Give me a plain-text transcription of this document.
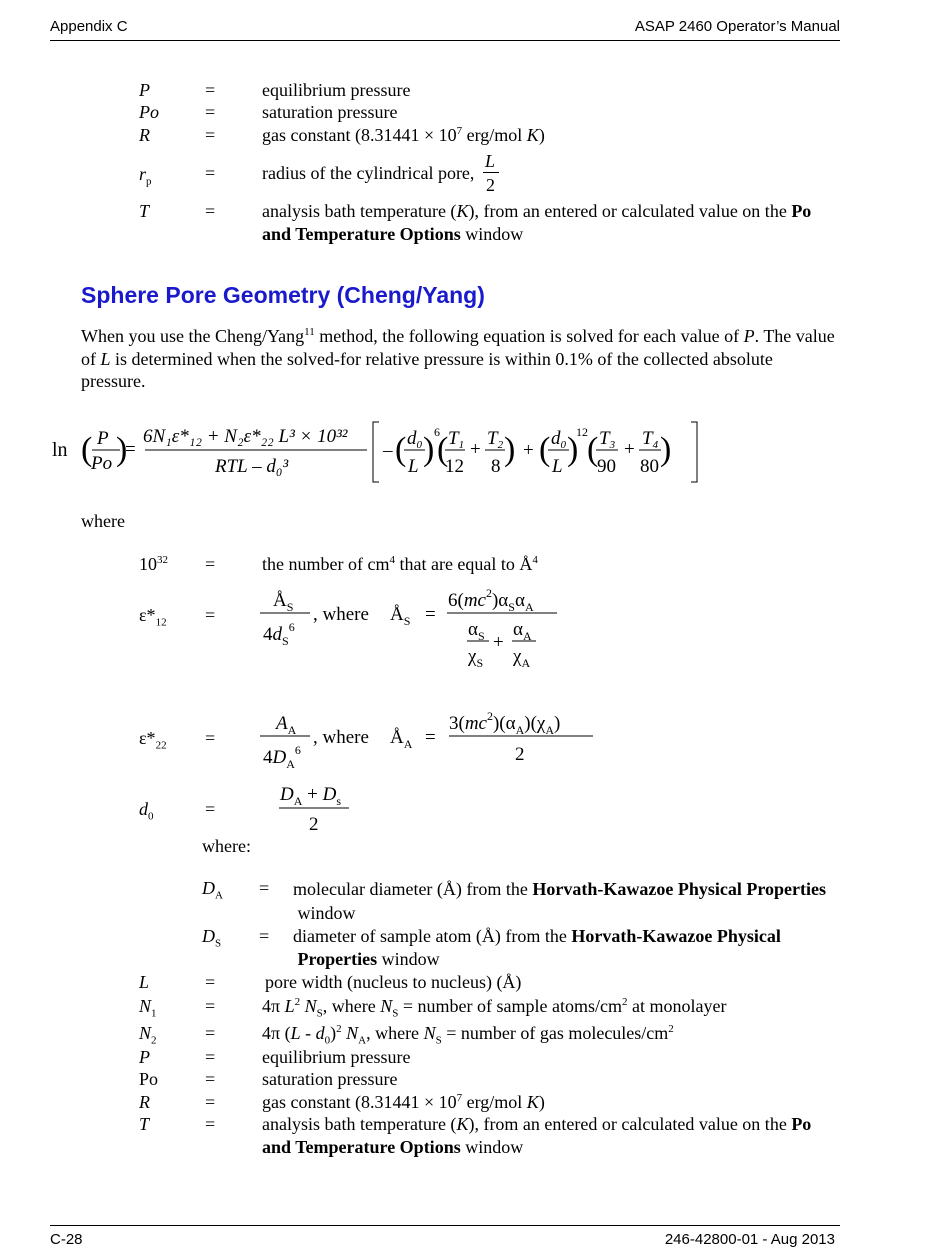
Appendix C	ASAP 2460 Operator’s Manual
P	=	equilibrium pressure
Po	=	saturation pressure
R	=	gas constant ($8.31441 \times 10^7$ erg/mol K)
$r_p$	=	radius of the cylindrical pore,
L
2
T	=	analysis bath temperature (K), from an entered or calculated value on the Po
and Temperature Options window
Sphere Pore Geometry (Cheng/Yang)
When you use the Cheng/Yang$^{11}$ method, the following equation is solved for each value of P. The value of L is determined when the solved-for relative pressure is within 0.1% of the collected absolute pressure.
ln ( P
Po )
=
6N₁ε*₁₂ + N₂ε*₂₂ L³ × 10³²
RTL – d₀³
– ( $d_0$
L ) 6
( $T_1$
12
+
$T_2$
8 ) + ( $d_0$
L )
12 ( $T_3$
90
+
$T_4$
80 )
where
$10^{32}$ =	the number of $cm^4$ that are equal to $Å^4$
$\varepsilon*_{12}$ =
$Å_S$
$4d_S^6$
, where $Å_S$ =
$6(mc^2)\alpha_S\alpha_A$
$\alpha_S$
$\chi_S$
+
$\alpha_A$
$\chi_A$
$\varepsilon*_{22}$ =
$A_A$
$4D_A^6$
, where $Å_A$ =
$3(mc^2)(\alpha_A)(\chi_A)$
2
$d_0$	=
$D_A + D_s$
2
where:
$D_A$ = molecular diameter (Å) from the Horvath-Kawazoe Physical Properties
window
$D_S$ = diameter of sample atom (Å) from the Horvath-Kawazoe Physical
Properties window
L	=	pore width (nucleus to nucleus) (Å)
$N_1$	=	4π $L^2$ $N_S$, where $N_S$ = number of sample atoms/$cm^2$ at monolayer
$N_2$	=	4π $(L - d_0)^2$ $N_A$, where $N_S$ = number of gas molecules/$cm^2$
P	=	equilibrium pressure
Po	=	saturation pressure
R	=	gas constant ($8.31441 \times 10^7$ erg/mol K)
T	=	analysis bath temperature (K), from an entered or calculated value on the Po
and Temperature Options window
C-28	246-42800-01 - Aug 2013
